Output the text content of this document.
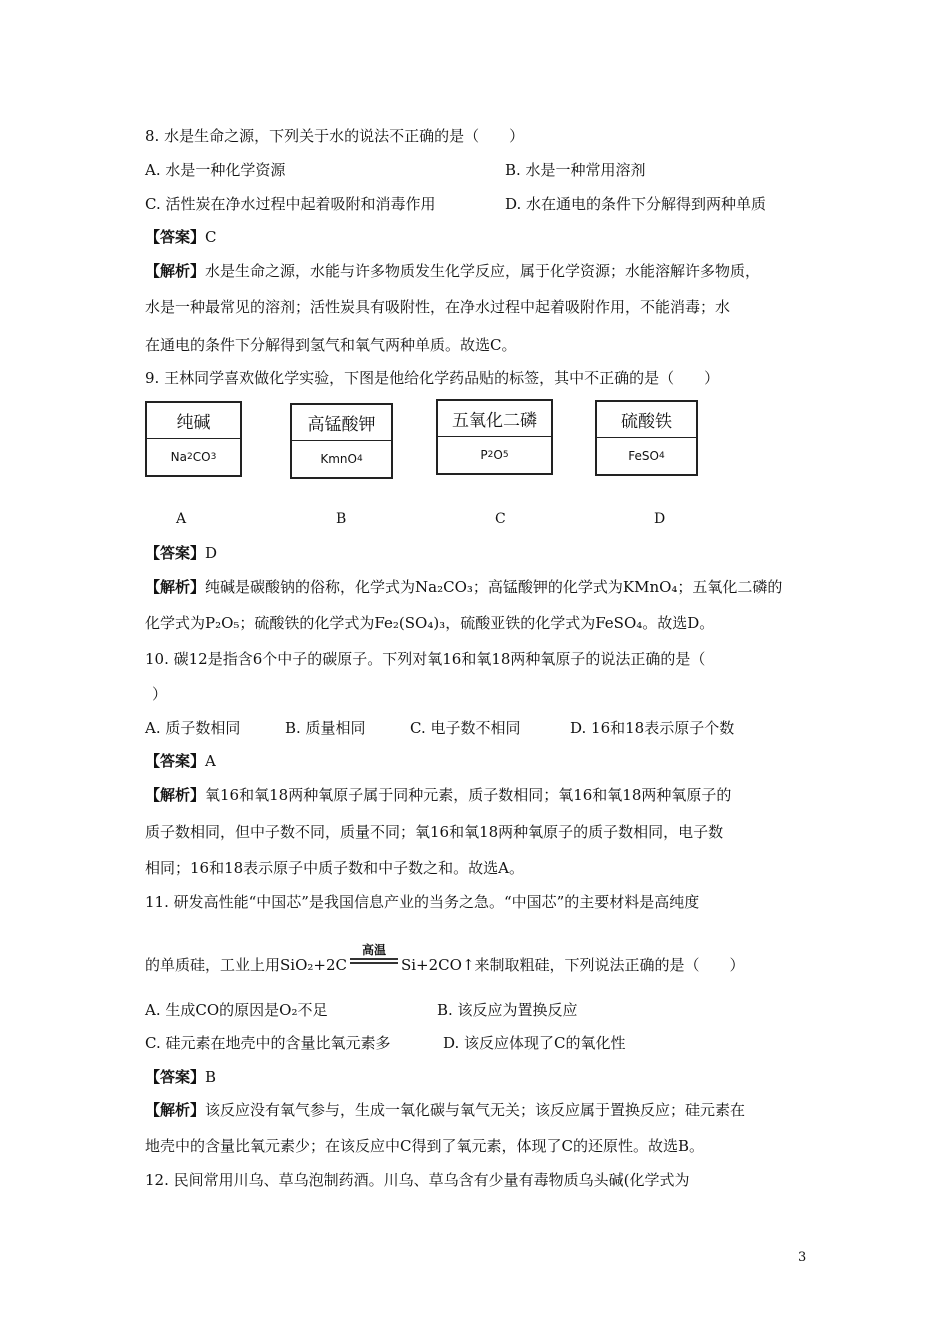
8. 水是生命之源，下列关于水的说法不正确的是（　　）
A. 水是一种化学资源	B. 水是一种常用溶剂
C. 活性炭在净水过程中起着吸附和消毒作用	D. 水在通电的条件下分解得到两种单质
【答案】C
【解析】水是生命之源，水能与许多物质发生化学反应，属于化学资源；水能溶解许多物质，
水是一种最常见的溶剂；活性炭具有吸附性，在净水过程中起着吸附作用，不能消毒；水
在通电的条件下分解得到氢气和氧气两种单质。故选C。
9. 王林同学喜欢做化学实验，下图是他给化学药品贴的标签，其中不正确的是（　　）
纯碱
Na 2 CO 3
高锰酸钾
KmnO 4
五氧化二磷
P 2 O 5
硫酸铁
FeSO 4
A	B	C	D
【答案】D
【解析】纯碱是碳酸钠的俗称，化学式为Na₂CO₃；高锰酸钾的化学式为KMnO₄；五氧化二磷的
化学式为P₂O₅；硫酸铁的化学式为Fe₂(SO₄)₃，硫酸亚铁的化学式为FeSO₄。故选D。
10. 碳12是指含6个中子的碳原子。下列对氧16和氧18两种氧原子的说法正确的是（
）
A. 质子数相同	B. 质量相同	C. 电子数不相同	D. 16和18表示原子个数
【答案】A
【解析】氧16和氧18两种氧原子属于同种元素，质子数相同；氧16和氧18两种氧原子的
质子数相同，但中子数不同，质量不同；氧16和氧18两种氧原子的质子数相同，电子数
相同；16和18表示原子中质子数和中子数之和。故选A。
11. 研发高性能“中国芯”是我国信息产业的当务之急。“中国芯”的主要材料是高纯度
的单质硅，工业上用SiO₂+2C
高温
Si+2CO↑来制取粗硅，下列说法正确的是（　　）
A. 生成CO的原因是O₂不足	B. 该反应为置换反应
C. 硅元素在地壳中的含量比氧元素多	D. 该反应体现了C的氧化性
【答案】B
【解析】该反应没有氧气参与，生成一氧化碳与氧气无关；该反应属于置换反应；硅元素在
地壳中的含量比氧元素少；在该反应中C得到了氧元素，体现了C的还原性。故选B。
12. 民间常用川乌、草乌泡制药酒。川乌、草乌含有少量有毒物质乌头碱(化学式为
3
